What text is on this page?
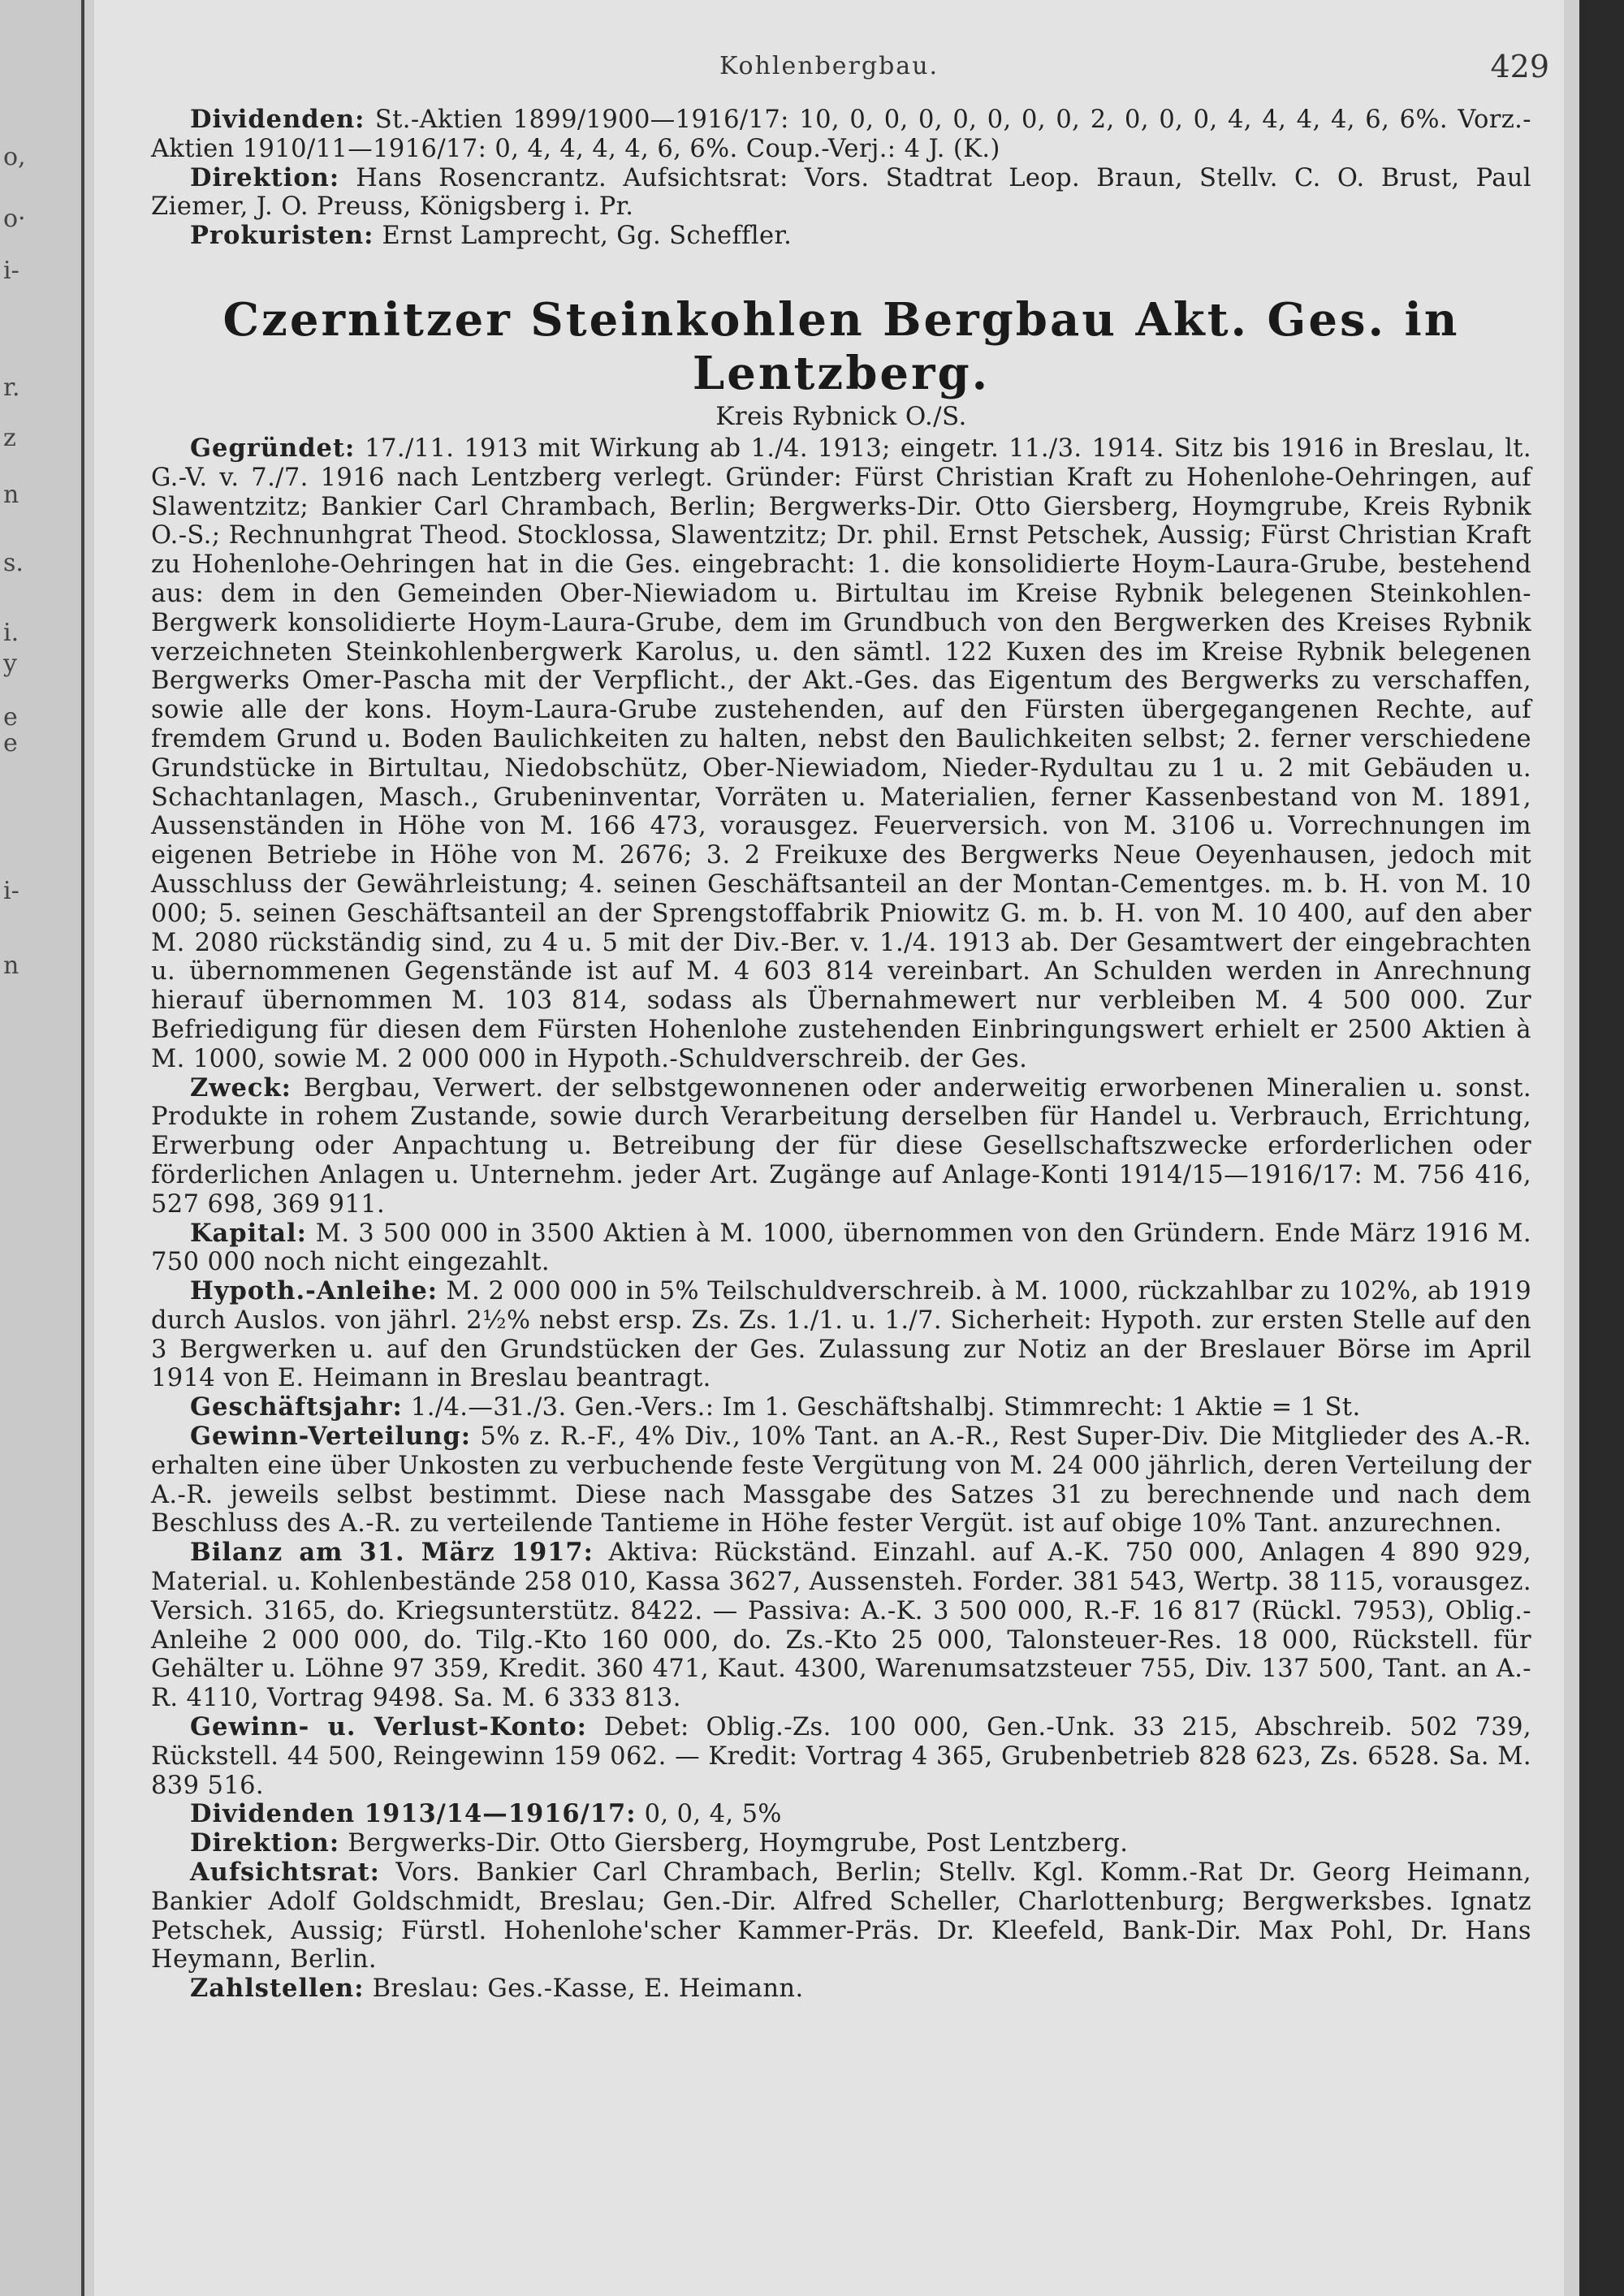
o,
o·
i-
r.
z
n
s.
i.
y
e
e
i-
n
Kohlenbergbau.	429

Dividenden: St.-Aktien 1899/1900—1916/17: 10, 0, 0, 0, 0, 0, 0, 0, 2, 0, 0, 0, 4, 4, 4, 4, 6, 6%. Vorz.-Aktien 1910/11—1916/17: 0, 4, 4, 4, 4, 6, 6%. Coup.-Verj.: 4 J. (K.)

Direktion: Hans Rosencrantz. Aufsichtsrat: Vors. Stadtrat Leop. Braun, Stellv. C. O. Brust, Paul Ziemer, J. O. Preuss, Königsberg i. Pr.

Prokuristen: Ernst Lamprecht, Gg. Scheffler.

Czernitzer Steinkohlen Bergbau Akt. Ges. in Lentzberg.
Kreis Rybnick O./S.

Gegründet: 17./11. 1913 mit Wirkung ab 1./4. 1913; eingetr. 11./3. 1914. Sitz bis 1916 in Breslau, lt. G.-V. v. 7./7. 1916 nach Lentzberg verlegt. Gründer: Fürst Christian Kraft zu Hohenlohe-Oehringen, auf Slawentzitz; Bankier Carl Chrambach, Berlin; Bergwerks-Dir. Otto Giersberg, Hoymgrube, Kreis Rybnik O.-S.; Rechnunhgrat Theod. Stocklossa, Slawentzitz; Dr. phil. Ernst Petschek, Aussig; Fürst Christian Kraft zu Hohenlohe-Oehringen hat in die Ges. eingebracht: 1. die konsolidierte Hoym-Laura-Grube, bestehend aus: dem in den Gemeinden Ober-Niewiadom u. Birtultau im Kreise Rybnik belegenen Steinkohlen-Bergwerk konsolidierte Hoym-Laura-Grube, dem im Grundbuch von den Bergwerken des Kreises Rybnik verzeichneten Steinkohlenbergwerk Karolus, u. den sämtl. 122 Kuxen des im Kreise Rybnik belegenen Bergwerks Omer-Pascha mit der Verpflicht., der Akt.-Ges. das Eigentum des Bergwerks zu verschaffen, sowie alle der kons. Hoym-Laura-Grube zustehenden, auf den Fürsten übergegangenen Rechte, auf fremdem Grund u. Boden Baulichkeiten zu halten, nebst den Baulichkeiten selbst; 2. ferner verschiedene Grundstücke in Birtultau, Niedobschütz, Ober-Niewiadom, Nieder-Rydultau zu 1 u. 2 mit Gebäuden u. Schachtanlagen, Masch., Grubeninventar, Vorräten u. Materialien, ferner Kassenbestand von M. 1891, Aussenständen in Höhe von M. 166 473, vorausgez. Feuerversich. von M. 3106 u. Vorrechnungen im eigenen Betriebe in Höhe von M. 2676; 3. 2 Freikuxe des Bergwerks Neue Oeyenhausen, jedoch mit Ausschluss der Gewährleistung; 4. seinen Geschäftsanteil an der Montan-Cementges. m. b. H. von M. 10 000; 5. seinen Geschäftsanteil an der Sprengstoffabrik Pniowitz G. m. b. H. von M. 10 400, auf den aber M. 2080 rückständig sind, zu 4 u. 5 mit der Div.-Ber. v. 1./4. 1913 ab. Der Gesamtwert der eingebrachten u. übernommenen Gegenstände ist auf M. 4 603 814 vereinbart. An Schulden werden in Anrechnung hierauf übernommen M. 103 814, sodass als Übernahmewert nur verbleiben M. 4 500 000. Zur Befriedigung für diesen dem Fürsten Hohenlohe zustehenden Einbringungswert erhielt er 2500 Aktien à M. 1000, sowie M. 2 000 000 in Hypoth.-Schuldverschreib. der Ges.

Zweck: Bergbau, Verwert. der selbstgewonnenen oder anderweitig erworbenen Mineralien u. sonst. Produkte in rohem Zustande, sowie durch Verarbeitung derselben für Handel u. Verbrauch, Errichtung, Erwerbung oder Anpachtung u. Betreibung der für diese Gesellschaftszwecke erforderlichen oder förderlichen Anlagen u. Unternehm. jeder Art. Zugänge auf Anlage-Konti 1914/15—1916/17: M. 756 416, 527 698, 369 911.

Kapital: M. 3 500 000 in 3500 Aktien à M. 1000, übernommen von den Gründern. Ende März 1916 M. 750 000 noch nicht eingezahlt.

Hypoth.-Anleihe: M. 2 000 000 in 5% Teilschuldverschreib. à M. 1000, rückzahlbar zu 102%, ab 1919 durch Auslos. von jährl. 2½% nebst ersp. Zs. Zs. 1./1. u. 1./7. Sicherheit: Hypoth. zur ersten Stelle auf den 3 Bergwerken u. auf den Grundstücken der Ges. Zulassung zur Notiz an der Breslauer Börse im April 1914 von E. Heimann in Breslau beantragt.

Geschäftsjahr: 1./4.—31./3. Gen.-Vers.: Im 1. Geschäftshalbj. Stimmrecht: 1 Aktie = 1 St.

Gewinn-Verteilung: 5% z. R.-F., 4% Div., 10% Tant. an A.-R., Rest Super-Div. Die Mitglieder des A.-R. erhalten eine über Unkosten zu verbuchende feste Vergütung von M. 24 000 jährlich, deren Verteilung der A.-R. jeweils selbst bestimmt. Diese nach Massgabe des Satzes 31 zu berechnende und nach dem Beschluss des A.-R. zu verteilende Tantieme in Höhe fester Vergüt. ist auf obige 10% Tant. anzurechnen.

Bilanz am 31. März 1917: Aktiva: Rückständ. Einzahl. auf A.-K. 750 000, Anlagen 4 890 929, Material. u. Kohlenbestände 258 010, Kassa 3627, Aussensteh. Forder. 381 543, Wertp. 38 115, vorausgez. Versich. 3165, do. Kriegsunterstütz. 8422. — Passiva: A.-K. 3 500 000, R.-F. 16 817 (Rückl. 7953), Oblig.-Anleihe 2 000 000, do. Tilg.-Kto 160 000, do. Zs.-Kto 25 000, Talonsteuer-Res. 18 000, Rückstell. für Gehälter u. Löhne 97 359, Kredit. 360 471, Kaut. 4300, Warenumsatzsteuer 755, Div. 137 500, Tant. an A.-R. 4110, Vortrag 9498. Sa. M. 6 333 813.

Gewinn- u. Verlust-Konto: Debet: Oblig.-Zs. 100 000, Gen.-Unk. 33 215, Abschreib. 502 739, Rückstell. 44 500, Reingewinn 159 062. — Kredit: Vortrag 4 365, Grubenbetrieb 828 623, Zs. 6528. Sa. M. 839 516.

Dividenden 1913/14—1916/17: 0, 0, 4, 5%

Direktion: Bergwerks-Dir. Otto Giersberg, Hoymgrube, Post Lentzberg.

Aufsichtsrat: Vors. Bankier Carl Chrambach, Berlin; Stellv. Kgl. Komm.-Rat Dr. Georg Heimann, Bankier Adolf Goldschmidt, Breslau; Gen.-Dir. Alfred Scheller, Charlottenburg; Bergwerksbes. Ignatz Petschek, Aussig; Fürstl. Hohenlohe'scher Kammer-Präs. Dr. Kleefeld, Bank-Dir. Max Pohl, Dr. Hans Heymann, Berlin.

Zahlstellen: Breslau: Ges.-Kasse, E. Heimann.
